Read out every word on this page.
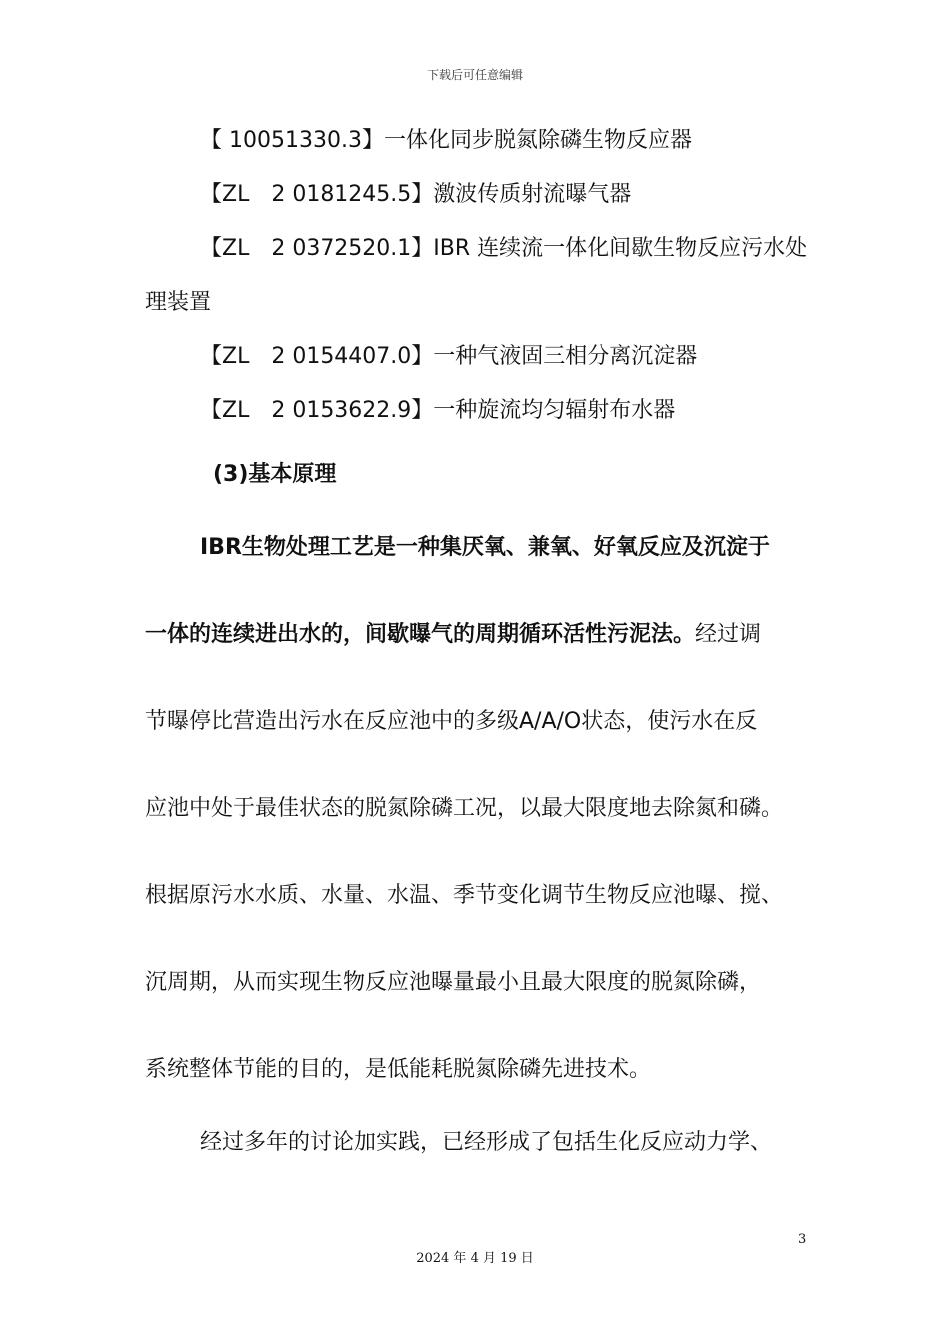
下载后可任意编辑
【 10051330.3】一体化同步脱氮除磷生物反应器
【ZL　2 0181245.5】激波传质射流曝气器
【ZL　2 0372520.1】IBR 连续流一体化间歇生物反应污水处
理装置
【ZL　2 0154407.0】一种气液固三相分离沉淀器
【ZL　2 0153622.9】一种旋流均匀辐射布水器
(3)基本原理
IBR生物处理工艺是一种集厌氧、兼氧、好氧反应及沉淀于
一体的连续进出水的，间歇曝气的周期循环活性污泥法。经过调
节曝停比营造出污水在反应池中的多级A/A/O状态，使污水在反
应池中处于最佳状态的脱氮除磷工况，以最大限度地去除氮和磷。
根据原污水水质、水量、水温、季节变化调节生物反应池曝、搅、
沉周期，从而实现生物反应池曝量最小且最大限度的脱氮除磷，
系统整体节能的目的，是低能耗脱氮除磷先进技术。
经过多年的讨论加实践，已经形成了包括生化反应动力学、
3
2024 年 4 月 19 日
